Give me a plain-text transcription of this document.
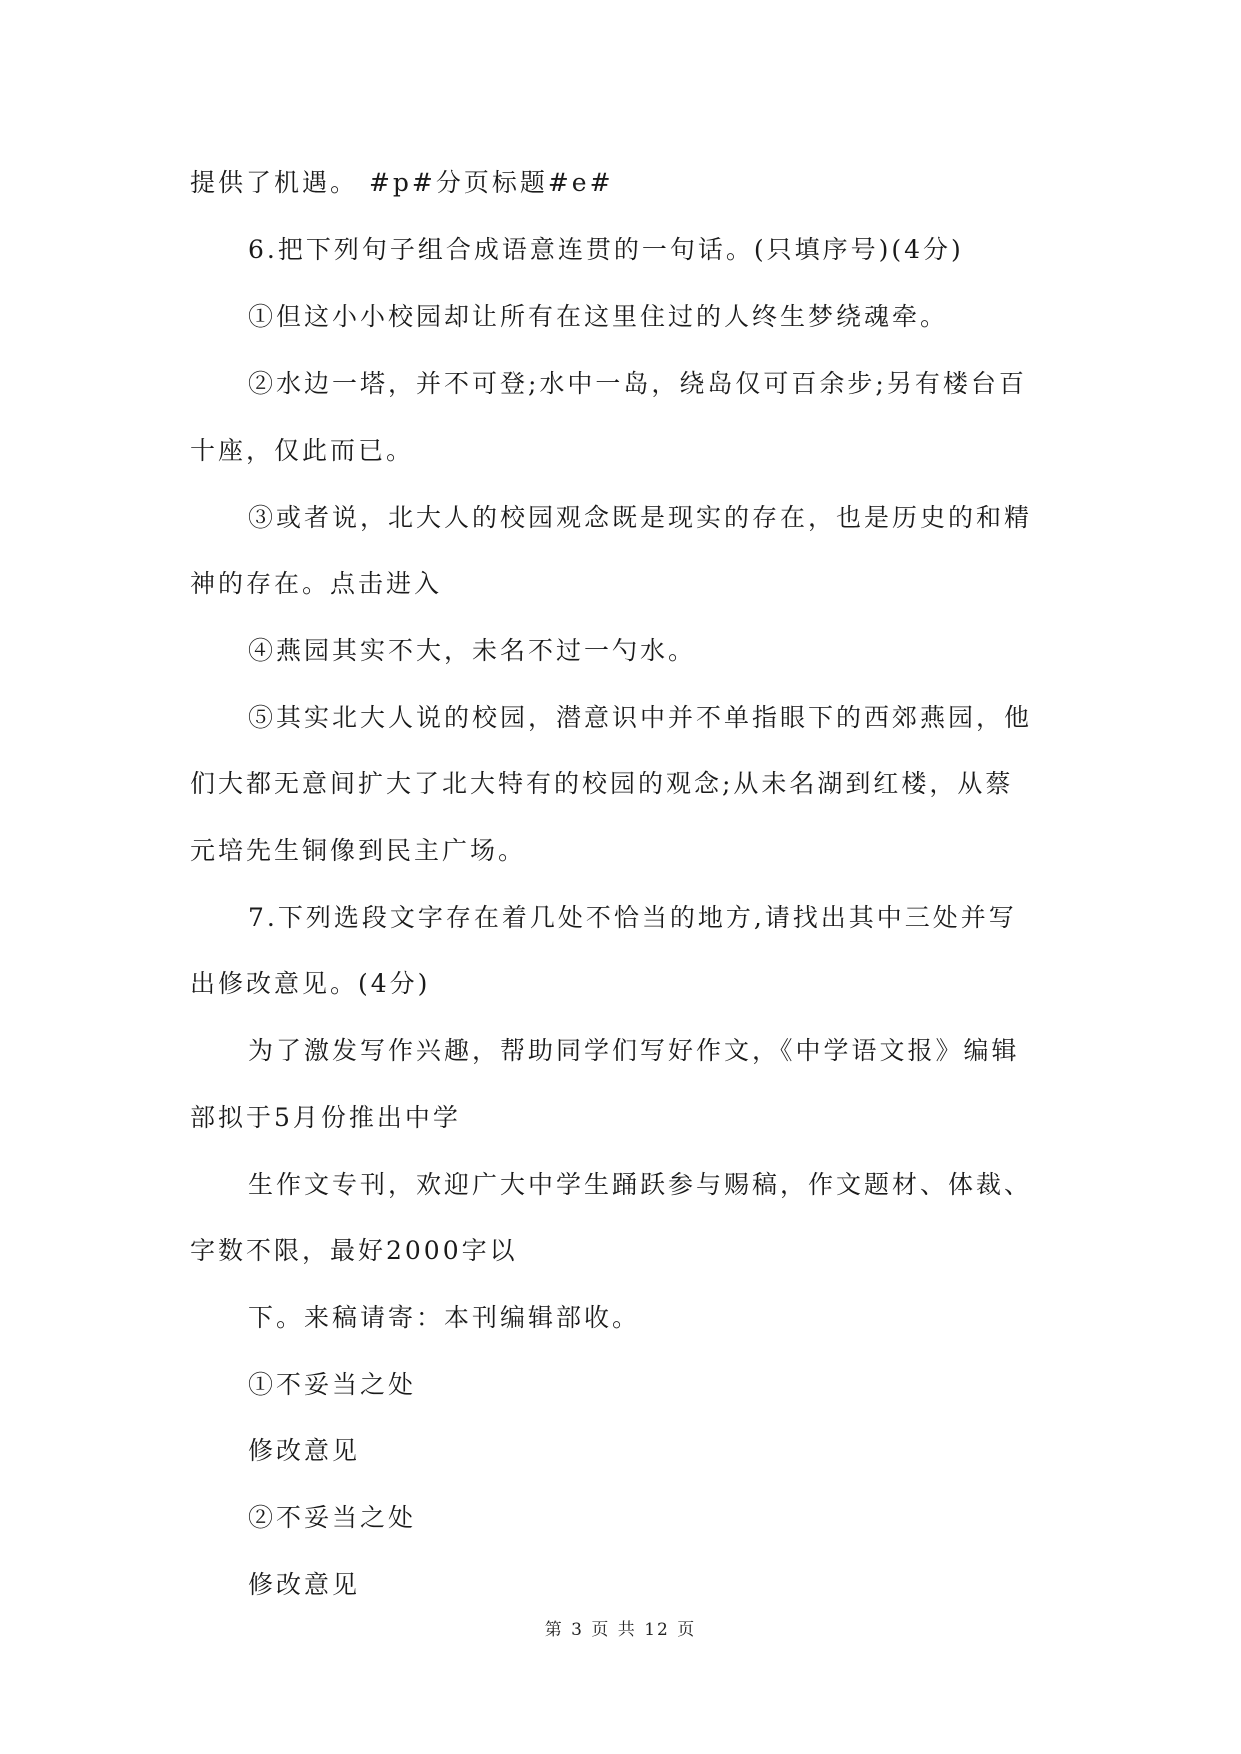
提供了机遇。 #p#分页标题#e#
6.把下列句子组合成语意连贯的一句话。(只填序号)(4分)
①但这小小校园却让所有在这里住过的人终生梦绕魂牵。
②水边一塔，并不可登;水中一岛，绕岛仅可百余步;另有楼台百
十座，仅此而已。
③或者说，北大人的校园观念既是现实的存在，也是历史的和精
神的存在。点击进入
④燕园其实不大，未名不过一勺水。
⑤其实北大人说的校园，潜意识中并不单指眼下的西郊燕园，他
们大都无意间扩大了北大特有的校园的观念;从未名湖到红楼，从蔡
元培先生铜像到民主广场。
7.下列选段文字存在着几处不恰当的地方,请找出其中三处并写
出修改意见。(4分)
为了激发写作兴趣，帮助同学们写好作文，《中学语文报》编辑
部拟于5月份推出中学
生作文专刊，欢迎广大中学生踊跃参与赐稿，作文题材、体裁、
字数不限，最好2000字以
下。来稿请寄：本刊编辑部收。
①不妥当之处
修改意见
②不妥当之处
修改意见
第 3 页 共 12 页
